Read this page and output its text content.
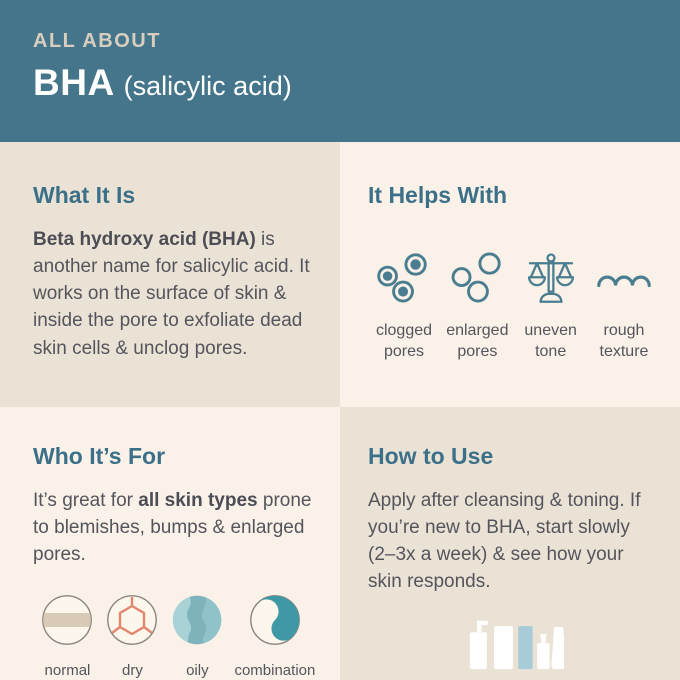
ALL ABOUT
BHA (salicylic acid)
What It Is

Beta hydroxy acid (BHA) is another name for salicylic acid. It works on the surface of skin & inside the pore to exfoliate dead skin cells & unclog pores.

It Helps With
clogged pores
enlarged pores
uneven tone
rough texture
Who It’s For

It’s great for all skin types prone to blemishes, bumps & enlarged pores.

normal dry	oily combination
How to Use

Apply after cleansing & toning. If you’re new to BHA, start slowly (2–3x a week) & see how your skin responds.
